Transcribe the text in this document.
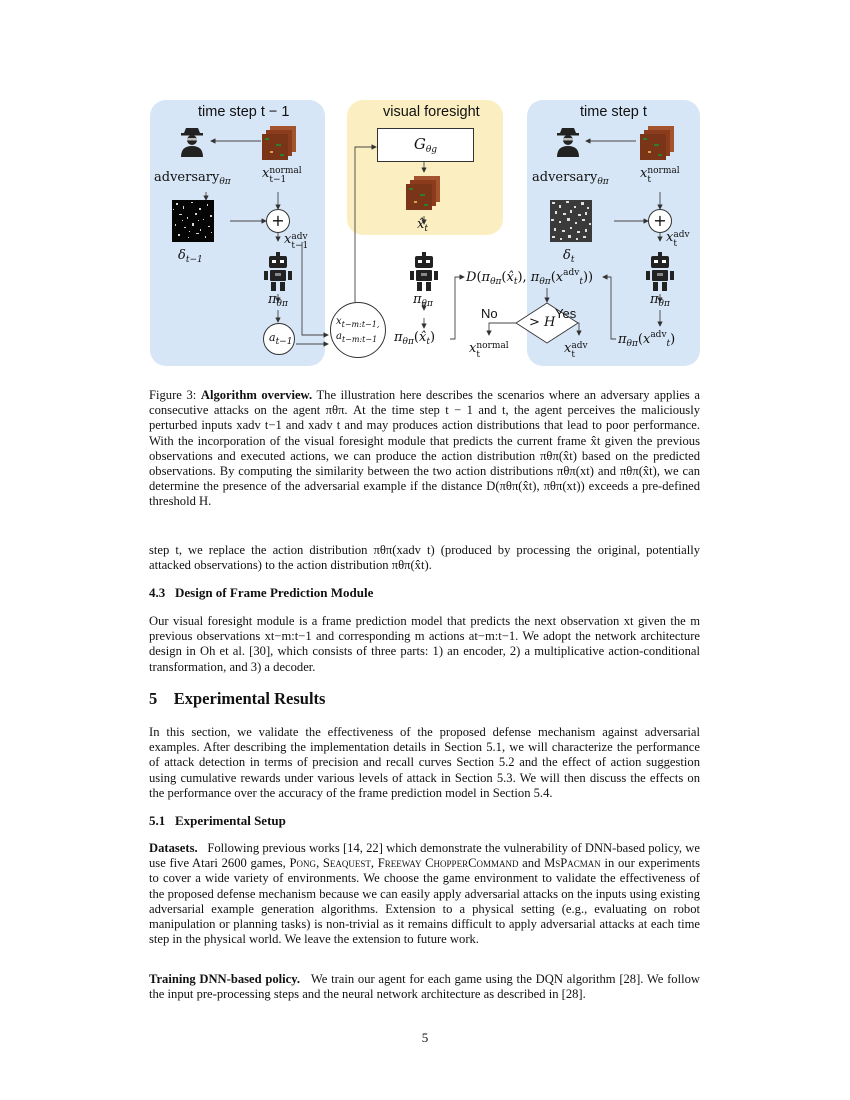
time step t − 1	visual foresight	time step t
adversary$_{\theta\pi}$
x normal
t−1
+
x adv
t−1
$\delta_{t-1}$
$\pi_{\theta\pi}$
$a_{t-1}$
$x_{t-m:t-1,}$
$a_{t-m:t-1}$
$G_{\theta g}$
$x̂_t$
$\pi_{\theta\pi}$
$\pi_{\theta\pi}(x̂_t)$
$D(\pi_{\theta\pi}(x̂_t)$, $\pi_{\theta\pi}(x^{adv}_t)$)
> H
No	Yes
x normal
t	x adv
t
adversary$_{\theta\pi}$
x normal
t
+
x adv
t
$\delta_t$
$\pi_{\theta\pi}$
$\pi_{\theta\pi}(x^{adv}_t)$
Figure 3: Algorithm overview. The illustration here describes the scenarios where an adversary applies a consecutive attacks on the agent πθπ. At the time step t − 1 and t, the agent perceives the maliciously perturbed inputs xadv t−1 and xadv t and may produces action distributions that lead to poor performance. With the incorporation of the visual foresight module that predicts the current frame x̂t given the previous observations and executed actions, we can produce the action distribution πθπ(x̂t) based on the predicted observations. By computing the similarity between the two action distributions πθπ(xt) and πθπ(x̂t), we can determine the presence of the adversarial example if the distance D(πθπ(x̂t), πθπ(xt)) exceeds a pre-defined threshold H.

step t, we replace the action distribution πθπ(xadv t) (produced by processing the original, potentially attacked observations) to the action distribution πθπ(x̂t).

4.3 Design of Frame Prediction Module

Our visual foresight module is a frame prediction model that predicts the next observation xt given the m previous observations xt−m:t−1 and corresponding m actions at−m:t−1. We adopt the network architecture design in Oh et al. [30], which consists of three parts: 1) an encoder, 2) a multiplicative action-conditional transformation, and 3) a decoder.

5 Experimental Results

In this section, we validate the effectiveness of the proposed defense mechanism against adversarial examples. After describing the implementation details in Section 5.1, we will characterize the performance of attack detection in terms of precision and recall curves Section 5.2 and the effect of action suggestion using cumulative rewards under various levels of attack in Section 5.3. We will then discuss the effects on the performance over the accuracy of the frame prediction model in Section 5.4.

5.1 Experimental Setup

Datasets. Following previous works [14, 22] which demonstrate the vulnerability of DNN-based policy, we use five Atari 2600 games, Pong, Seaquest, Freeway ChopperCommand and MsPacman in our experiments to cover a wide variety of environments. We choose the game environment to validate the effectiveness of the proposed defense mechanism because we can easily apply adversarial attacks on the inputs using existing adversarial example generation algorithms. Extension to a physical setting (e.g., evaluating on robot manipulation or planning tasks) is non-trivial as it remains difficult to apply adversarial attacks at each time step in the physical world. We leave the extension to future work.

Training DNN-based policy. We train our agent for each game using the DQN algorithm [28]. We follow the input pre-processing steps and the neural network architecture as described in [28].

5
